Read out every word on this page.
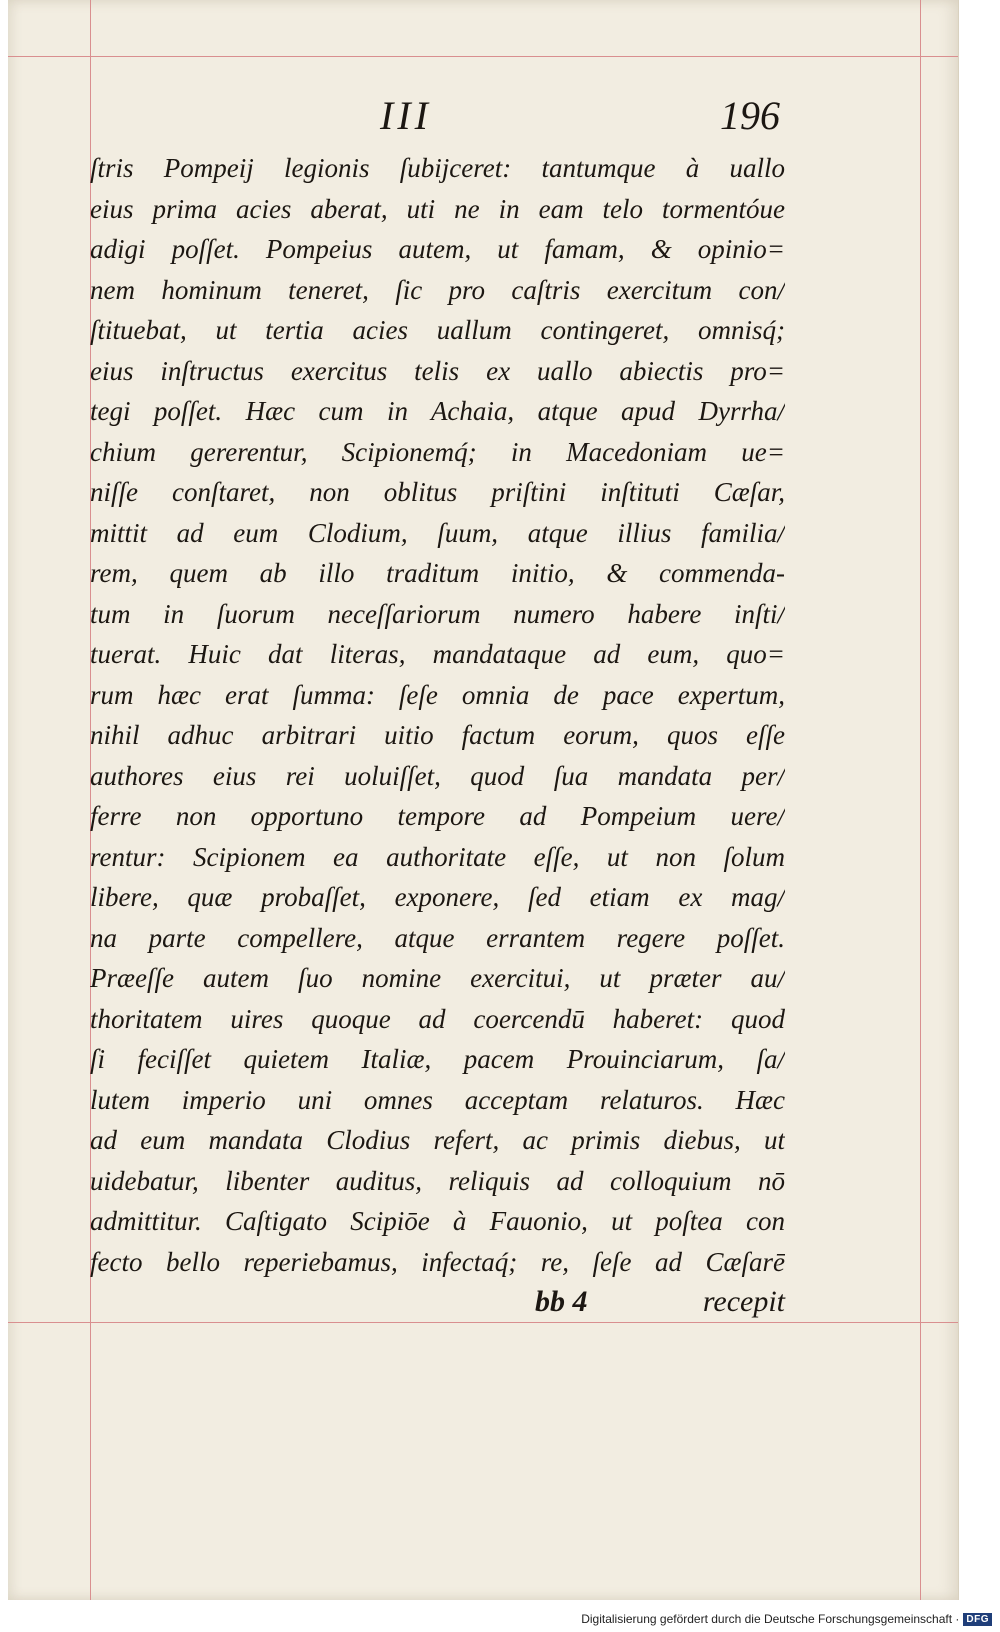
III	196
ſtris Pompeij legionis ſubijceret: tantumque à uallo
eius prima acies aberat, uti ne in eam telo tormentóue
adigi poſſet. Pompeius autem, ut famam, & opinio=
nem hominum teneret, ſic pro caſtris exercitum con/
ſtituebat, ut tertia acies uallum contingeret, omnisq́;
eius inſtructus exercitus telis ex uallo abiectis pro=
tegi poſſet. Hæc cum in Achaia, atque apud Dyrrha/
chium gererentur, Scipionemq́; in Macedoniam ue=
niſſe conſtaret, non oblitus priſtini inſtituti Cæſar,
mittit ad eum Clodium, ſuum, atque illius familia/
rem, quem ab illo traditum initio, & commenda-
tum in ſuorum neceſſariorum numero habere inſti/
tuerat. Huic dat literas, mandataque ad eum, quo=
rum hæc erat ſumma: ſeſe omnia de pace expertum,
nihil adhuc arbitrari uitio factum eorum, quos eſſe
authores eius rei uoluiſſet, quod ſua mandata per/
ferre non opportuno tempore ad Pompeium uere/
rentur: Scipionem ea authoritate eſſe, ut non ſolum
libere, quæ probaſſet, exponere, ſed etiam ex mag/
na parte compellere, atque errantem regere poſſet.
Præeſſe autem ſuo nomine exercitui, ut præter au/
thoritatem uires quoque ad coercendū haberet: quod
ſi feciſſet quietem Italiæ, pacem Prouinciarum, ſa/
lutem imperio uni omnes acceptam relaturos. Hæc
ad eum mandata Clodius refert, ac primis diebus, ut
uidebatur, libenter auditus, reliquis ad colloquium nō
admittitur. Caſtigato Scipiōe à Fauonio, ut poſtea con
fecto bello reperiebamus, infectaq́; re, ſeſe ad Cæſarē
bb 4	recepit
Digitalisierung gefördert durch die Deutsche Forschungsgemeinschaft · DFG
